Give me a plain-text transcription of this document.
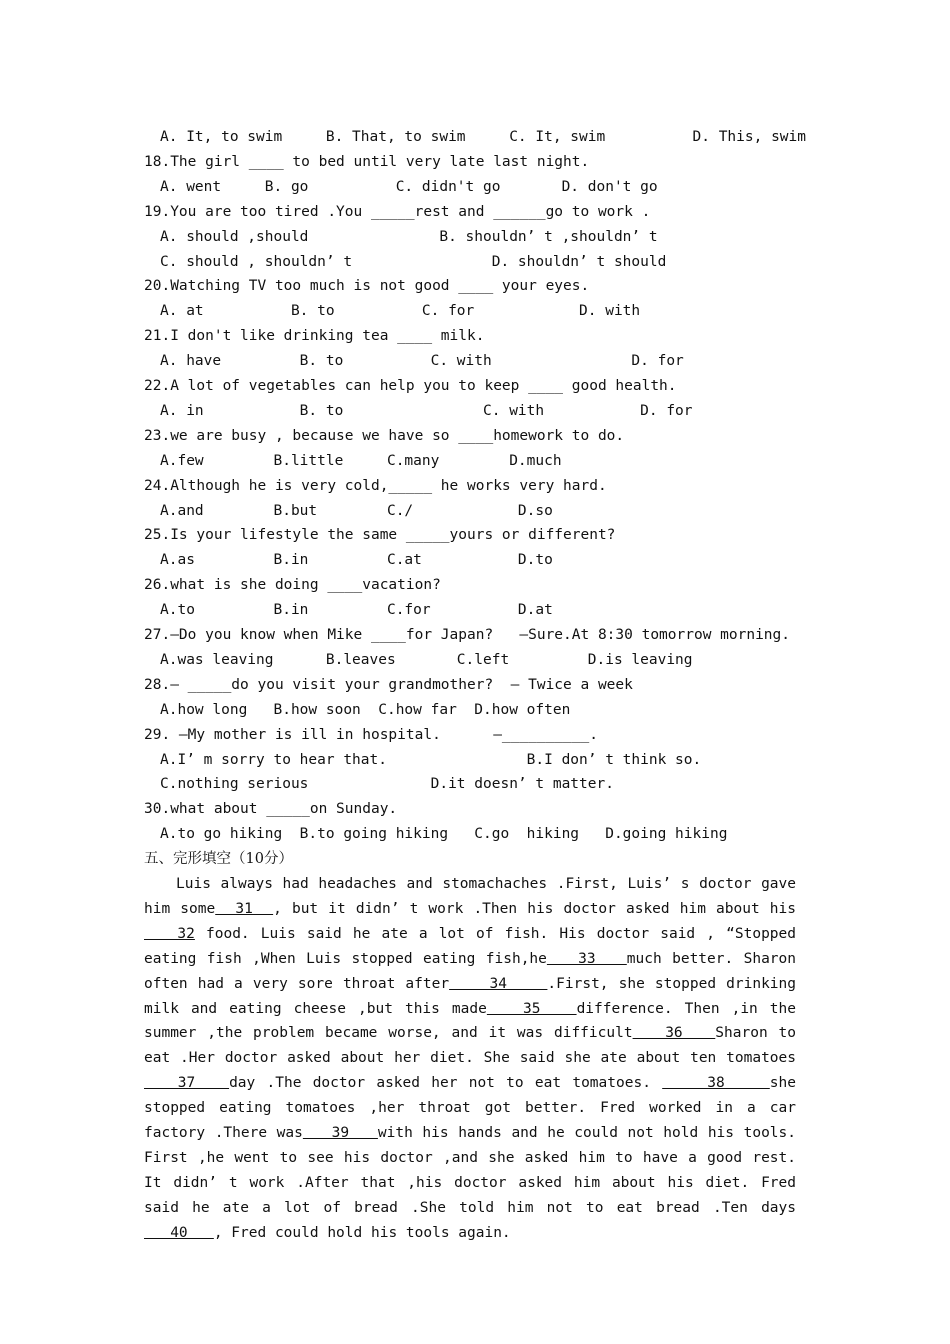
A. It, to swim     B. That, to swim     C. It, swim          D. This, swim
18.The girl ____ to bed until very late last night.
A. went     B. go          C. didn't go       D. don't go
19.You are too tired .You _____rest and ______go to work .
A. should ,should               B. shouldn’ t ,shouldn’ t
C. should , shouldn’ t                D. shouldn’ t should
20.Watching TV too much is not good ____ your eyes.
A. at          B. to          C. for            D. with
21.I don't like drinking tea ____ milk.
A. have         B. to          C. with                D. for
22.A lot of vegetables can help you to keep ____ good health.
A. in           B. to                C. with           D. for
23.we are busy , because we have so ____homework to do.
A.few        B.little     C.many        D.much
24.Although he is very cold,_____ he works very hard.
A.and        B.but        C./            D.so
25.Is your lifestyle the same _____yours or different?
A.as         B.in         C.at           D.to
26.what is she doing ____vacation?
A.to         B.in         C.for          D.at
27.—Do you know when Mike ____for Japan?   —Sure.At 8:30 tomorrow morning.
A.was leaving      B.leaves       C.left         D.is leaving
28.— _____do you visit your grandmother?  — Twice a week
A.how long   B.how soon  C.how far  D.how often
29. —My mother is ill in hospital.      —__________.
A.I’ m sorry to hear that.                B.I don’ t think so.
C.nothing serious              D.it doesn’ t matter.
30.what about _____on Sunday.
A.to go hiking  B.to going hiking   C.go  hiking   D.going hiking
五、完形填空（10分）
Luis always had headaches and stomachaches .First, Luis’ s doctor gave him some  31  , but it didn’ t work .Then his doctor asked him about his   32 food. Luis said he ate a lot of fish. His doctor said , “Stopped eating fish ,When Luis stopped eating fish,he   33   much better. Sharon often had a very sore throat after    34    .First, she stopped drinking milk and eating cheese ,but this made   35   difference. Then ,in the summer ,the problem became worse, and it was difficult   36   Sharon to eat .Her doctor asked about her diet. She said she ate about ten tomatoes   37   day .The doctor asked her not to eat tomatoes.     38    she stopped eating tomatoes ,her throat got better. Fred worked in a car factory .There was   39   with his hands and he could not hold his tools. First ,he went to see his doctor ,and she asked him to have a good rest. It didn’ t work .After that ,his doctor asked him about his diet. Fred said he ate a lot of bread .She told him not to eat bread .Ten days   40   , Fred could hold his tools again.
